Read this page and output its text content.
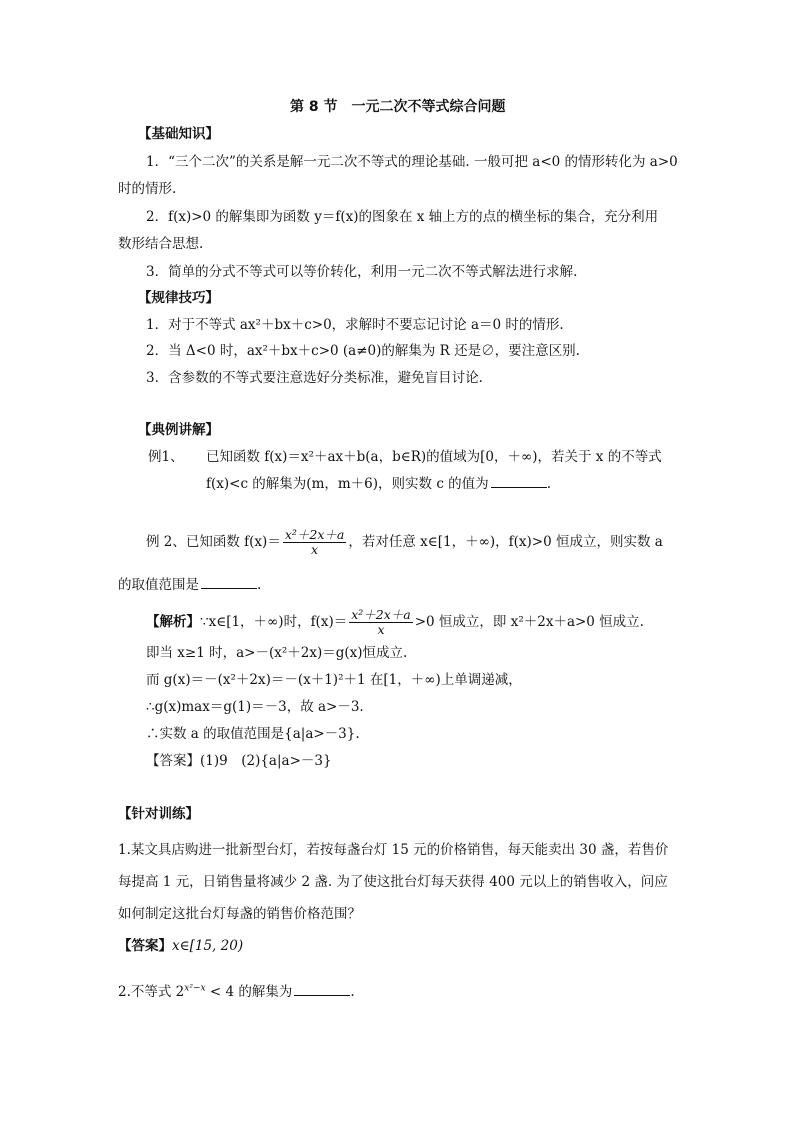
第 8 节　一元二次不等式综合问题
【基础知识】
1．“三个二次”的关系是解一元二次不等式的理论基础. 一般可把 a<0 的情形转化为 a>0
时的情形.
2．f(x)>0 的解集即为函数 y＝f(x)的图象在 x 轴上方的点的横坐标的集合，充分利用
数形结合思想.
3．简单的分式不等式可以等价转化，利用一元二次不等式解法进行求解.
【规律技巧】
1．对于不等式 ax²＋bx＋c>0，求解时不要忘记讨论 a＝0 时的情形.
2．当 Δ<0 时，ax²＋bx＋c>0 (a≠0)的解集为 R 还是∅，要注意区别.
3．含参数的不等式要注意选好分类标准，避免盲目讨论.
【典例讲解】
例1、 已知函数 f(x)＝x²＋ax＋b(a，b∈R)的值域为[0，＋∞)，若关于 x 的不等式
f(x)<c 的解集为(m，m＋6)，则实数 c 的值为	.
例 2、已知函数 $f(x)= \frac{\text{x²＋2x＋a}}{x}$ ，若对任意 x∈[1，＋∞)，f(x)>0 恒成立，则实数 a
的取值范围是	.
【解析】∵x∈[1，＋∞)时，$f(x)= \frac{\text{x²＋2x＋a}}{x} >0$ 恒成立，即 x²＋2x＋a>0 恒成立.
即当 x≥1 时，a>－(x²＋2x)＝g(x)恒成立.
而 g(x)＝－(x²＋2x)＝－(x＋1)²＋1 在[1，＋∞)上单调递减，
∴g(x)max＝g(1)＝－3，故 a>－3.
∴实数 a 的取值范围是{a|a>－3}.
【答案】(1)9　(2){a|a>－3}
【针对训练】
1.某文具店购进一批新型台灯，若按每盏台灯 15 元的价格销售，每天能卖出 30 盏，若售价
每提高 1 元，日销售量将减少 2 盏. 为了使这批台灯每天获得 400 元以上的销售收入，问应
如何制定这批台灯每盏的销售价格范围？
【答案】x∈[15, 20)
2.不等式 $2^{x^2-x} < 4$ 的解集为	.
